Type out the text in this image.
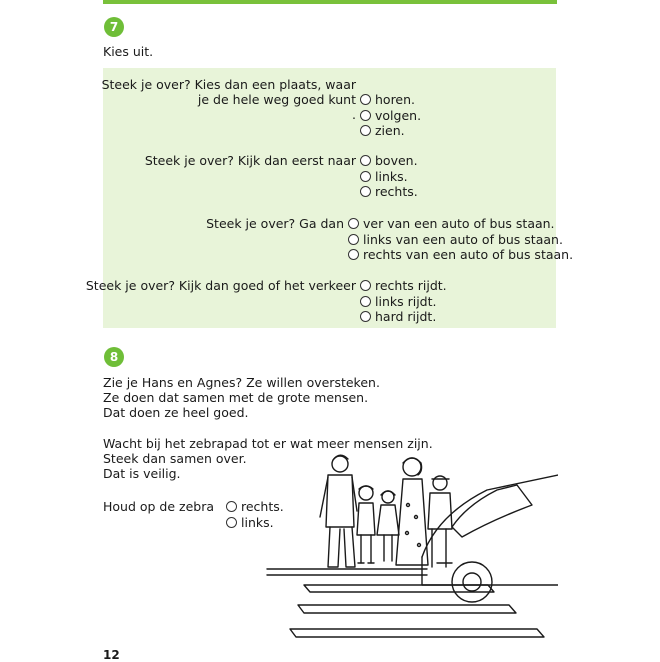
7
Kies uit.
Steek je over? Kies dan een plaats, waar
je de hele weg goed kunt
.
horen.
volgen.
zien.
Steek je over? Kijk dan eerst naar	boven.
links.
rechts.
Steek je over? Ga dan	ver van een auto of bus staan.
links van een auto of bus staan.
rechts van een auto of bus staan.
Steek je over? Kijk dan goed of het verkeer	rechts rijdt.
links rijdt.
hard rijdt.
8
Zie je Hans en Agnes? Ze willen oversteken.
Ze doen dat samen met de grote mensen.
Dat doen ze heel goed.
Wacht bij het zebrapad tot er wat meer mensen zijn.
Steek dan samen over.
Dat is veilig.
Houd op de zebra	rechts.
links.
12
